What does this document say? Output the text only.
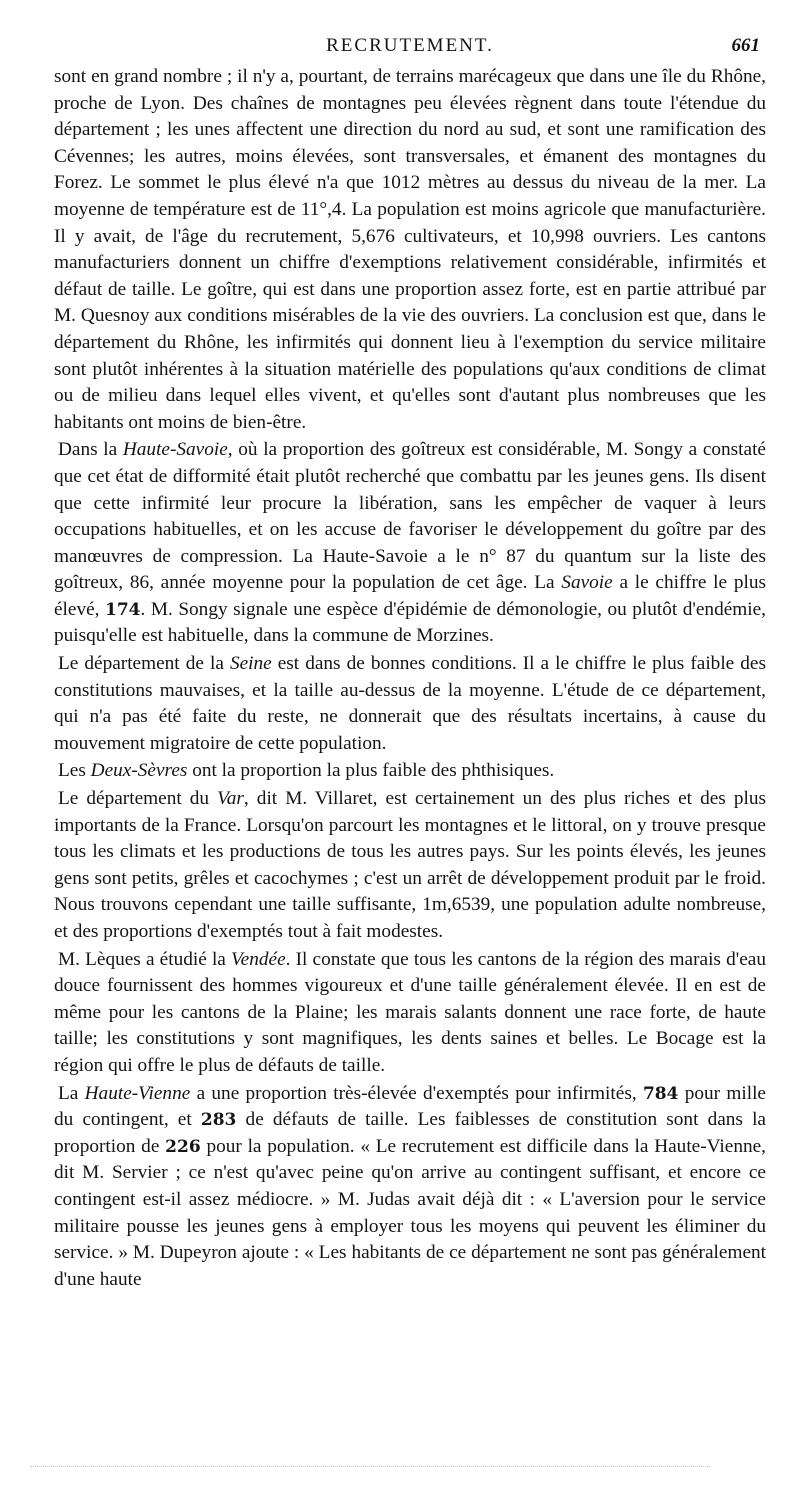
RECRUTEMENT.	661

sont en grand nombre ; il n'y a, pourtant, de terrains marécageux que dans une île du Rhône, proche de Lyon. Des chaînes de montagnes peu élevées règnent dans toute l'étendue du département ; les unes affectent une direction du nord au sud, et sont une ramification des Cévennes; les autres, moins élevées, sont transversales, et émanent des montagnes du Forez. Le sommet le plus élevé n'a que 1012 mètres au dessus du niveau de la mer. La moyenne de température est de 11°,4. La population est moins agricole que manufacturière. Il y avait, de l'âge du recrutement, 5,676 cultivateurs, et 10,998 ouvriers. Les cantons manufacturiers donnent un chiffre d'exemptions relativement considérable, infirmités et défaut de taille. Le goître, qui est dans une proportion assez forte, est en partie attribué par M. Quesnoy aux conditions misérables de la vie des ouvriers. La conclusion est que, dans le département du Rhône, les infirmités qui donnent lieu à l'exemption du service militaire sont plutôt inhérentes à la situation matérielle des populations qu'aux conditions de climat ou de milieu dans lequel elles vivent, et qu'elles sont d'autant plus nombreuses que les habitants ont moins de bien-être.

Dans la Haute-Savoie, où la proportion des goîtreux est considérable, M. Songy a constaté que cet état de difformité était plutôt recherché que combattu par les jeunes gens. Ils disent que cette infirmité leur procure la libération, sans les empêcher de vaquer à leurs occupations habituelles, et on les accuse de favoriser le développement du goître par des manœuvres de compression. La Haute-Savoie a le n° 87 du quantum sur la liste des goîtreux, 86, année moyenne pour la population de cet âge. La Savoie a le chiffre le plus élevé, 174. M. Songy signale une espèce d'épidémie de démonologie, ou plutôt d'endémie, puisqu'elle est habituelle, dans la commune de Morzines.

Le département de la Seine est dans de bonnes conditions. Il a le chiffre le plus faible des constitutions mauvaises, et la taille au-dessus de la moyenne. L'étude de ce département, qui n'a pas été faite du reste, ne donnerait que des résultats incertains, à cause du mouvement migratoire de cette population.

Les Deux-Sèvres ont la proportion la plus faible des phthisiques.

Le département du Var, dit M. Villaret, est certainement un des plus riches et des plus importants de la France. Lorsqu'on parcourt les montagnes et le littoral, on y trouve presque tous les climats et les productions de tous les autres pays. Sur les points élevés, les jeunes gens sont petits, grêles et cacochymes ; c'est un arrêt de développement produit par le froid. Nous trouvons cependant une taille suffisante, 1m,6539, une population adulte nombreuse, et des proportions d'exemptés tout à fait modestes.

M. Lèques a étudié la Vendée. Il constate que tous les cantons de la région des marais d'eau douce fournissent des hommes vigoureux et d'une taille généralement élevée. Il en est de même pour les cantons de la Plaine; les marais salants donnent une race forte, de haute taille; les constitutions y sont magnifiques, les dents saines et belles. Le Bocage est la région qui offre le plus de défauts de taille.

La Haute-Vienne a une proportion très-élevée d'exemptés pour infirmités, 784 pour mille du contingent, et 283 de défauts de taille. Les faiblesses de constitution sont dans la proportion de 226 pour la population. « Le recrutement est difficile dans la Haute-Vienne, dit M. Servier ; ce n'est qu'avec peine qu'on arrive au contingent suffisant, et encore ce contingent est-il assez médiocre. » M. Judas avait déjà dit : « L'aversion pour le service militaire pousse les jeunes gens à employer tous les moyens qui peuvent les éliminer du service. » M. Dupeyron ajoute : « Les habitants de ce département ne sont pas généralement d'une haute
